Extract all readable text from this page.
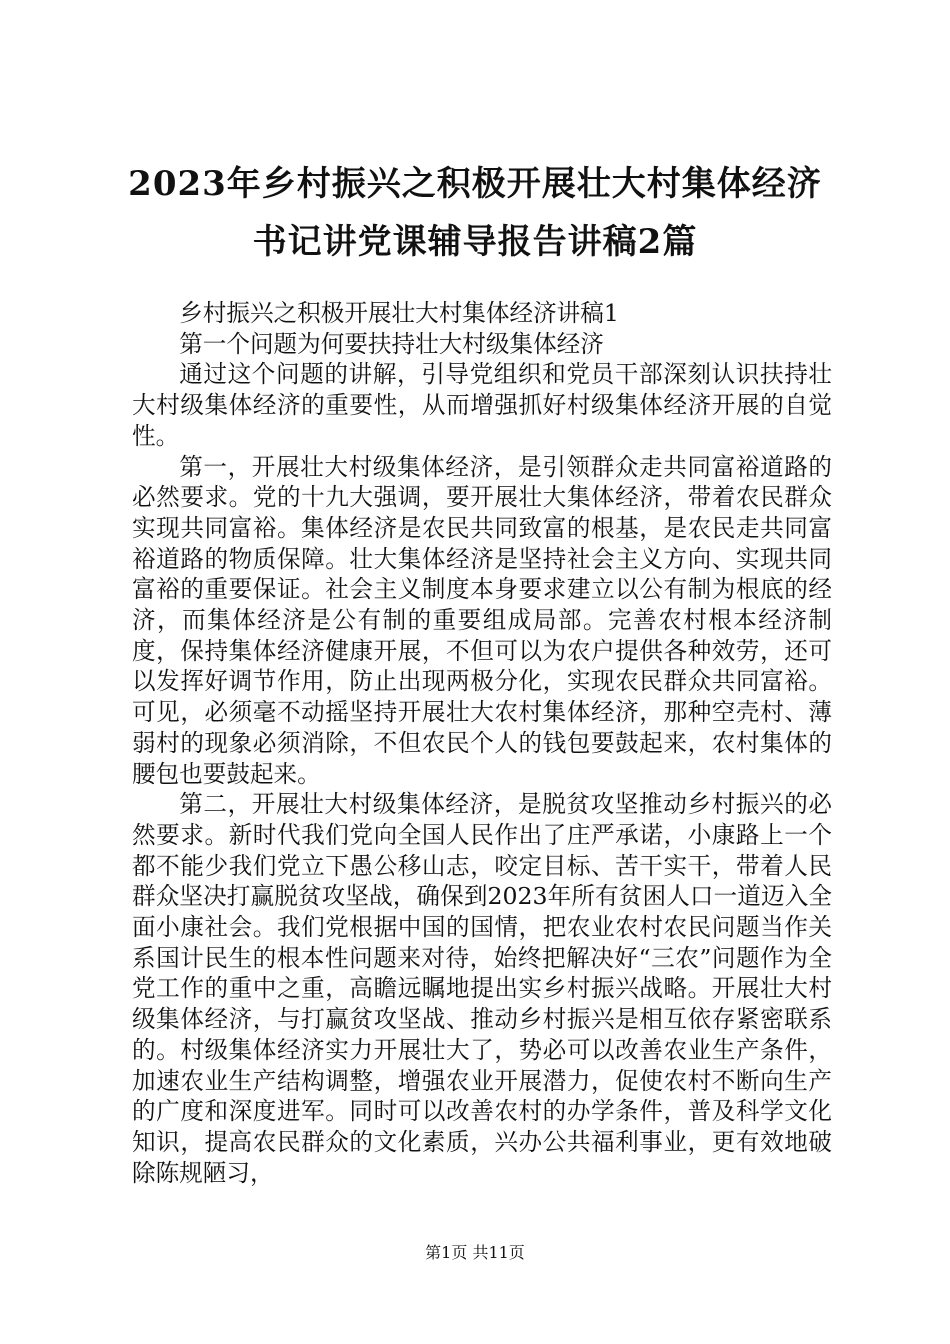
2023年乡村振兴之积极开展壮大村集体经济
书记讲党课辅导报告讲稿2篇

乡村振兴之积极开展壮大村集体经济讲稿1

第一个问题为何要扶持壮大村级集体经济

通过这个问题的讲解，引导党组织和党员干部深刻认识扶持壮大村级集体经济的重要性，从而增强抓好村级集体经济开展的自觉性。

第一，开展壮大村级集体经济，是引领群众走共同富裕道路的必然要求。党的十九大强调，要开展壮大集体经济，带着农民群众实现共同富裕。集体经济是农民共同致富的根基，是农民走共同富裕道路的物质保障。壮大集体经济是坚持社会主义方向、实现共同富裕的重要保证。社会主义制度本身要求建立以公有制为根底的经济，而集体经济是公有制的重要组成局部。完善农村根本经济制度，保持集体经济健康开展，不但可以为农户提供各种效劳，还可以发挥好调节作用，防止出现两极分化，实现农民群众共同富裕。可见，必须毫不动摇坚持开展壮大农村集体经济，那种空壳村、薄弱村的现象必须消除，不但农民个人的钱包要鼓起来，农村集体的腰包也要鼓起来。

第二，开展壮大村级集体经济，是脱贫攻坚推动乡村振兴的必然要求。新时代我们党向全国人民作出了庄严承诺，小康路上一个都不能少我们党立下愚公移山志，咬定目标、苦干实干，带着人民群众坚决打赢脱贫攻坚战，确保到2023年所有贫困人口一道迈入全面小康社会。我们党根据中国的国情，把农业农村农民问题当作关系国计民生的根本性问题来对待，始终把解决好“三农”问题作为全党工作的重中之重，高瞻远瞩地提出实乡村振兴战略。开展壮大村级集体经济，与打赢贫攻坚战、推动乡村振兴是相互依存紧密联系的。村级集体经济实力开展壮大了，势必可以改善农业生产条件，加速农业生产结构调整，增强农业开展潜力，促使农村不断向生产的广度和深度进军。同时可以改善农村的办学条件，普及科学文化知识，提高农民群众的文化素质，兴办公共福利事业，更有效地破除陈规陋习，

第1页 共11页
